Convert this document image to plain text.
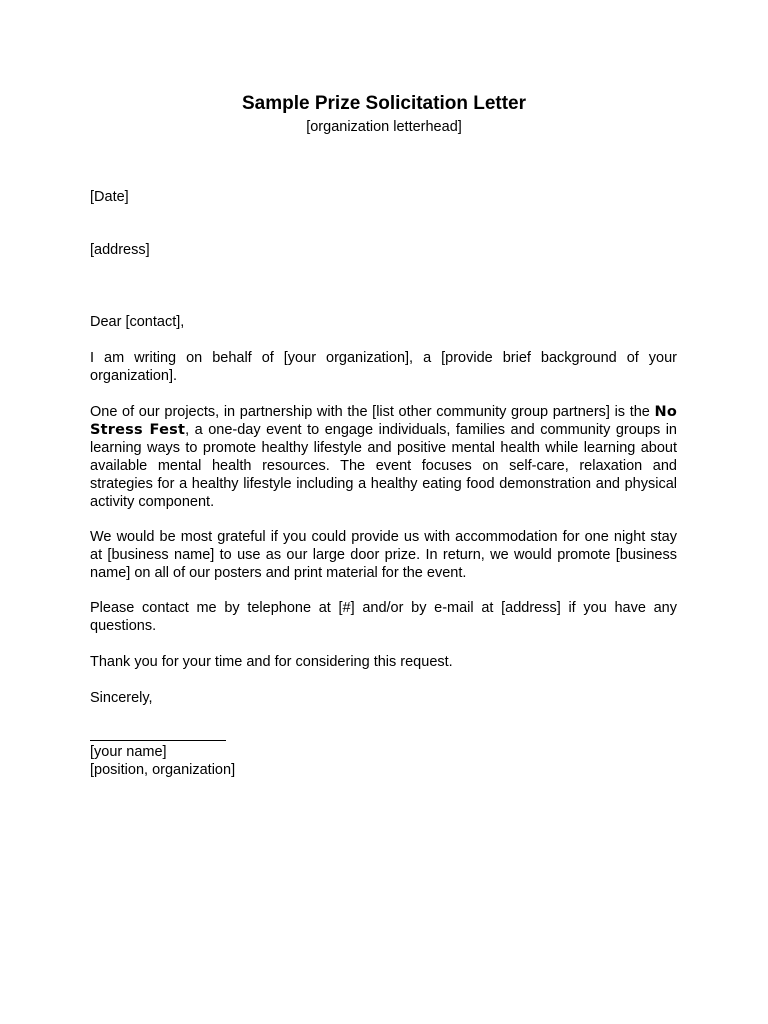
Sample Prize Solicitation Letter
[organization letterhead]
[Date]
[address]
Dear [contact],

I am writing on behalf of [your organization], a [provide brief background of your organization].

One of our projects, in partnership with the [list other community group partners] is the No Stress Fest, a one-day event to engage individuals, families and community groups in learning ways to promote healthy lifestyle and positive mental health while learning about available mental health resources. The event focuses on self-care, relaxation and strategies for a healthy lifestyle including a healthy eating food demonstration and physical activity component.

We would be most grateful if you could provide us with accommodation for one night stay at [business name] to use as our large door prize. In return, we would promote [business name] on all of our posters and print material for the event.

Please contact me by telephone at [#] and/or by e-mail at [address] if you have any questions.

Thank you for your time and for considering this request.
Sincerely,
[your name]
[position, organization]
